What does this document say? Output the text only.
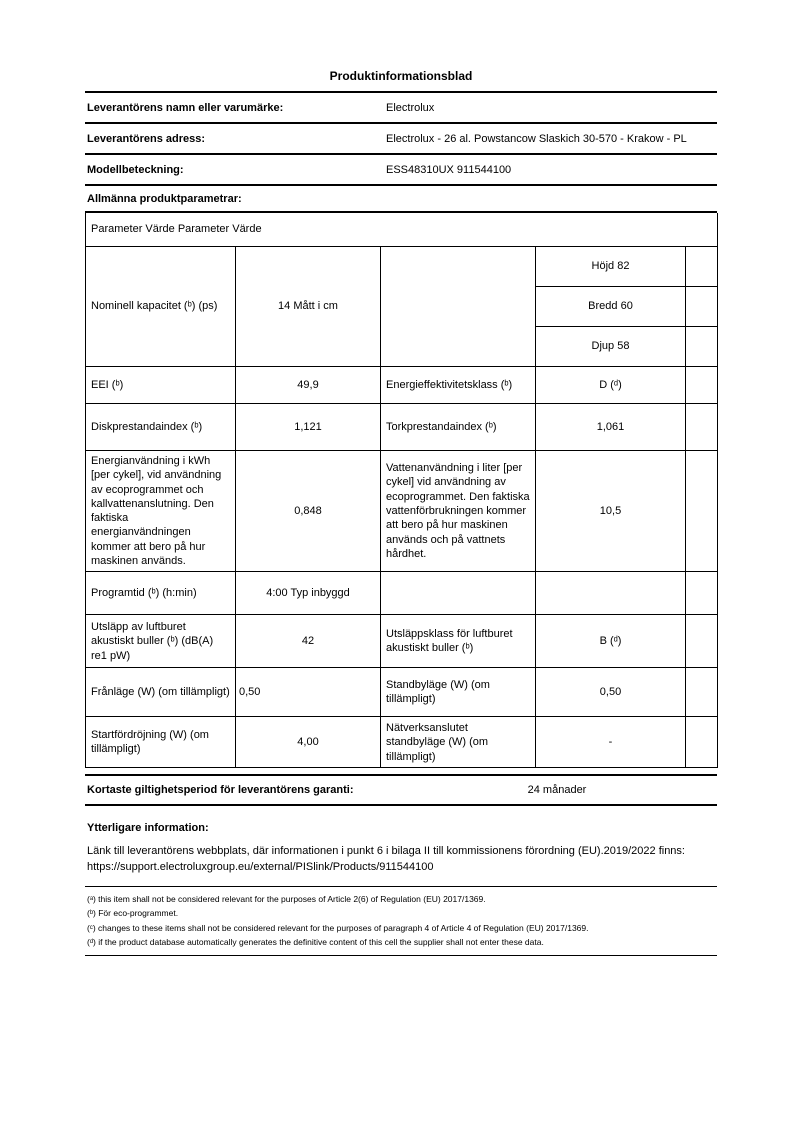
Produktinformationsblad
Leverantörens namn eller varumärke:	Electrolux
Leverantörens adress:	Electrolux - 26 al. Powstancow Slaskich 30-570 - Krakow - PL
Modellbeteckning:	ESS48310UX 911544100
Allmänna produktparametrar:
Parameter Värde Parameter Värde				
Nominell kapacitet (ᵇ) (ps)	14 Mått i cm		Höjd 82	
			Bredd 60	
			Djup 58	
EEI (ᵇ)	49,9	Energieffektivitetsklass (ᵇ)	D (ᵈ)	
Diskprestandaindex (ᵇ)	1,121	Torkprestandaindex (ᵇ)	1,061	
Energianvändning i kWh [per cykel], vid användning av ecoprogrammet och kallvattenanslutning. Den faktiska energianvändningen kommer att bero på hur maskinen används.	0,848	Vattenanvändning i liter [per cykel] vid användning av ecoprogrammet. Den faktiska vattenförbrukningen kommer att bero på hur maskinen används och på vattnets hårdhet.	10,5	
Programtid (ᵇ) (h:min)	4:00 Typ inbyggd			
Utsläpp av luftburet akustiskt buller (ᵇ) (dB(A) re1 pW)	42	Utsläppsklass för luftburet akustiskt buller (ᵇ)	B (ᵈ)	
Frånläge (W) (om tillämpligt)	0,50	Standbyläge (W) (om tillämpligt)	0,50	
Startfördröjning (W) (om tillämpligt)	4,00	Nätverksanslutet standbyläge (W) (om tillämpligt)	-	
Kortaste giltighetsperiod för leverantörens garanti:	24 månader
Ytterligare information:

Länk till leverantörens webbplats, där informationen i punkt 6 i bilaga II till kommissionens förordning (EU).2019/2022 finns: https://support.electroluxgroup.eu/external/PISlink/Products/911544100

(ᵃ) this item shall not be considered relevant for the purposes of Article 2(6) of Regulation (EU) 2017/1369.
(ᵇ) För eco-programmet.
(ᶜ) changes to these items shall not be considered relevant for the purposes of paragraph 4 of Article 4 of Regulation (EU) 2017/1369.
(ᵈ) if the product database automatically generates the definitive content of this cell the supplier shall not enter these data.
